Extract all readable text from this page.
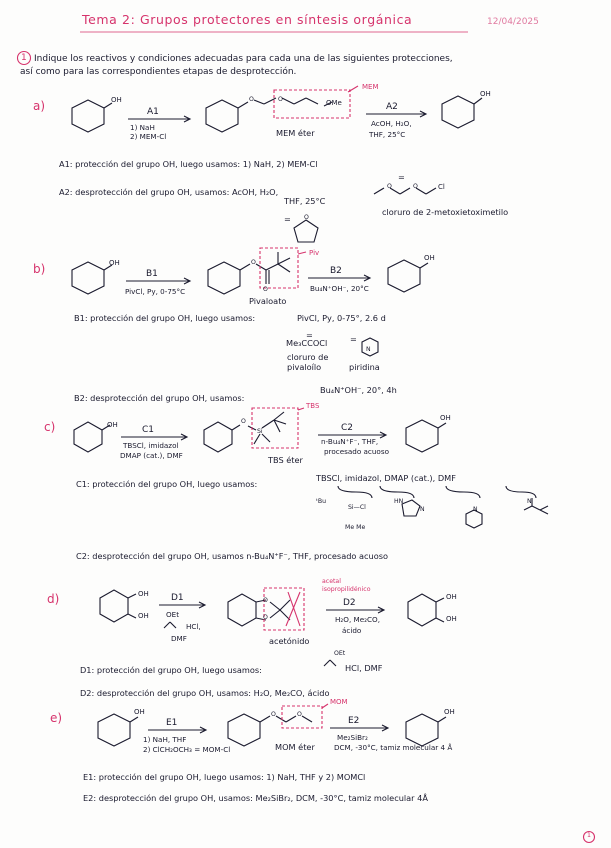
Tema 2: Grupos protectores en síntesis orgánica	12/04/2025
1 Indique los reactivos y condiciones adecuadas para cada una de las siguientes protecciones,
así como para las correspondientes etapas de desprotección.
a)	OH
A1
1) NaH
2) MEM-Cl
O	O	OMe
MEM
MEM éter
A2
AcOH, H₂O,
THF, 25°C
OH
A1: protección del grupo OH, luego usamos: 1) NaH, 2) MEM-Cl
A2: desprotección del grupo OH, usamos: AcOH, H₂O,
THF, 25°C
= O
=
O	O	Cl
cloruro de 2-metoxietoximetilo
b)	OH
B1
PivCl, Py, 0-75°C
O
O
Piv
Pivaloato
B2
Bu₄N⁺OH⁻, 20°C
OH
B1: protección del grupo OH, luego usamos:	PivCl, Py, 0-75°, 2.6 d
=
Me₃CCOCl
cloruro de
pivaloílo
=
N
piridina
B2: desprotección del grupo OH, usamos:
Bu₄N⁺OH⁻, 20°, 4h
c)	OH	C1
TBSCl, imidazol
DMAP (cat.), DMF
O
Si
TBS
TBS éter
C2
n-Bu₄N⁺F⁻, THF,
procesado acuoso
OH
C1: protección del grupo OH, luego usamos:
TBSCl, imidazol, DMAP (cat.), DMF
ᵗBu
Si—Cl
Me Me
HN
N	N
N
C2: desprotección del grupo OH, usamos n-Bu₄N⁺F⁻, THF, procesado acuoso
d)	OH
OH
D1
OEt
HCl,
DMF
O
O
acetal
isopropilidénico
acetónido
D2
H₂O, Me₂CO,
ácido
OH
OH
D1: protección del grupo OH, luego usamos:
OEt
HCl, DMF
D2: desprotección del grupo OH, usamos: H₂O, Me₂CO, ácido
e)	OH
E1
1) NaH, THF
2) ClCH₂OCH₃ = MOM-Cl
O	O
MOM
MOM éter
E2
Me₂SiBr₂
DCM, -30°C, tamiz molecular 4 Å
OH
E1: protección del grupo OH, luego usamos: 1) NaH, THF y 2) MOMCl
E2: desprotección del grupo OH, usamos: Me₂SiBr₂, DCM, -30°C, tamiz molecular 4Å
1
